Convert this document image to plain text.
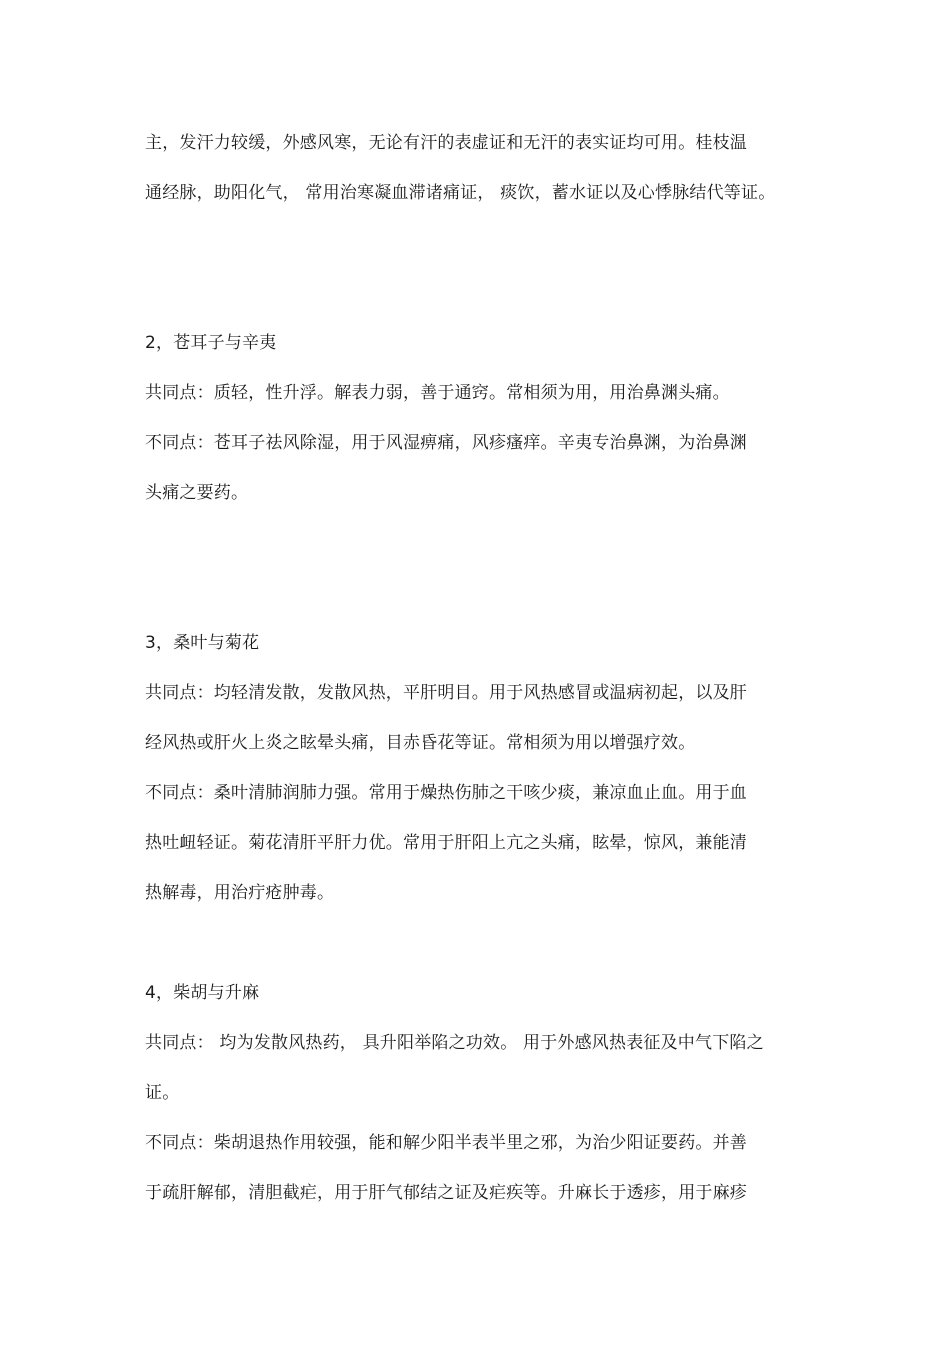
主，发汗力较缓，外感风寒，无论有汗的表虚证和无汗的表实证均可用。桂枝温
通经脉，助阳化气， 常用治寒凝血滞诸痛证， 痰饮，蓄水证以及心悸脉结代等证。
2，苍耳子与辛夷
共同点：质轻，性升浮。解表力弱，善于通窍。常相须为用，用治鼻渊头痛。
不同点：苍耳子祛风除湿，用于风湿痹痛，风疹瘙痒。辛夷专治鼻渊，为治鼻渊
头痛之要药。
3，桑叶与菊花
共同点：均轻清发散，发散风热，平肝明目。用于风热感冒或温病初起，以及肝
经风热或肝火上炎之眩晕头痛，目赤昏花等证。常相须为用以增强疗效。
不同点：桑叶清肺润肺力强。常用于燥热伤肺之干咳少痰，兼凉血止血。用于血
热吐衄轻证。菊花清肝平肝力优。常用于肝阳上亢之头痛，眩晕，惊风，兼能清
热解毒，用治疔疮肿毒。
4，柴胡与升麻
共同点： 均为发散风热药， 具升阳举陷之功效。 用于外感风热表征及中气下陷之
证。
不同点：柴胡退热作用较强，能和解少阳半表半里之邪，为治少阳证要药。并善
于疏肝解郁，清胆截疟，用于肝气郁结之证及疟疾等。升麻长于透疹，用于麻疹
